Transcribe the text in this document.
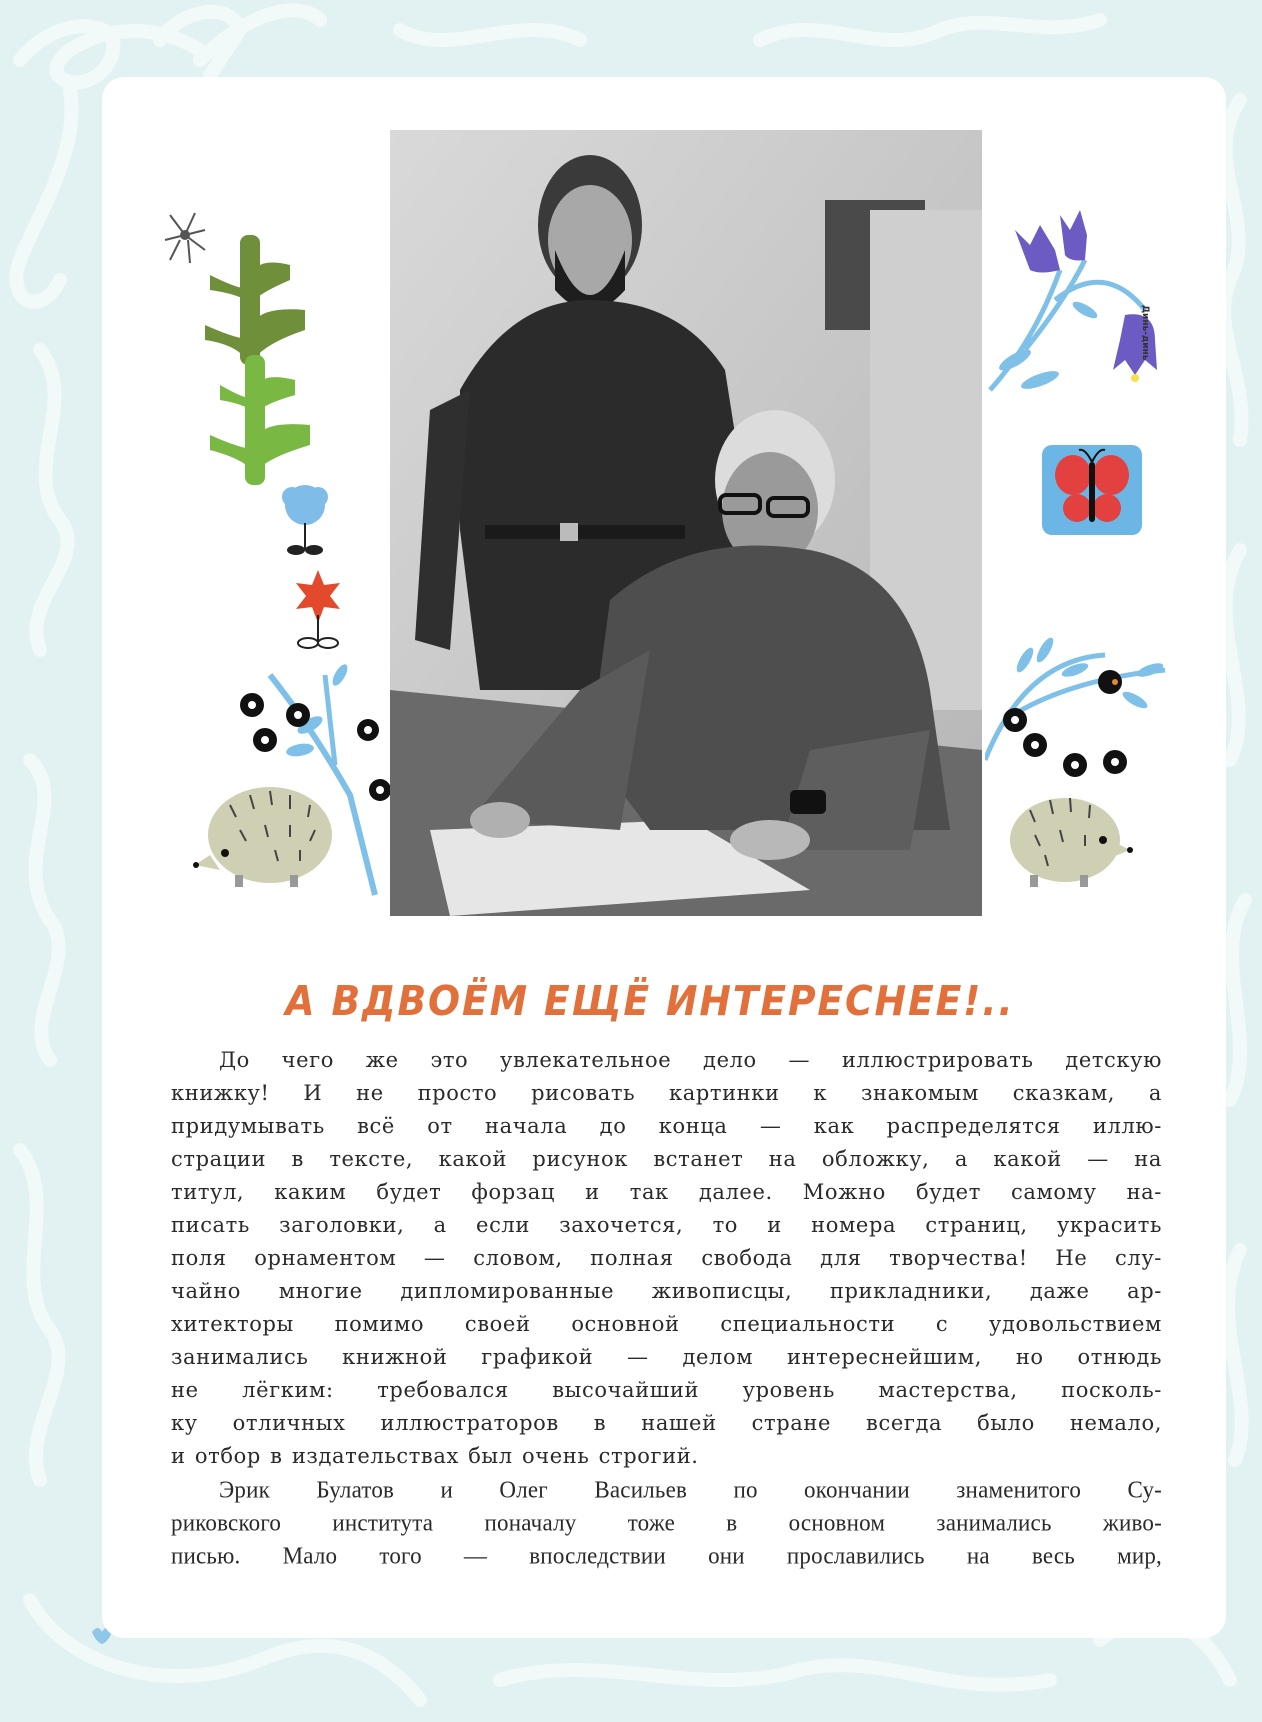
Динь-динь
А ВДВОЁМ ЕЩЁ ИНТЕРЕСНЕЕ!..
До чего же это увлекательное дело — иллюстрировать детскую
книжку! И не просто рисовать картинки к знакомым сказкам, а
придумывать всё от начала до конца — как распределятся иллю-
страции в тексте, какой рисунок встанет на обложку, а какой — на
титул, каким будет форзац и так далее. Можно будет самому на-
писать заголовки, а если захочется, то и номера страниц, украсить
поля орнаментом — словом, полная свобода для творчества! Не слу-
чайно многие дипломированные живописцы, прикладники, даже ар-
хитекторы помимо своей основной специальности с удовольствием
занимались книжной графикой — делом интереснейшим, но отнюдь
не лёгким: требовался высочайший уровень мастерства, посколь-
ку отличных иллюстраторов в нашей стране всегда было немало,
и отбор в издательствах был очень строгий.
Эрик Булатов и Олег Васильев по окончании знаменитого Су-
риковского института поначалу тоже в основном занимались живо-
писью. Мало того — впоследствии они прославились на весь мир,
